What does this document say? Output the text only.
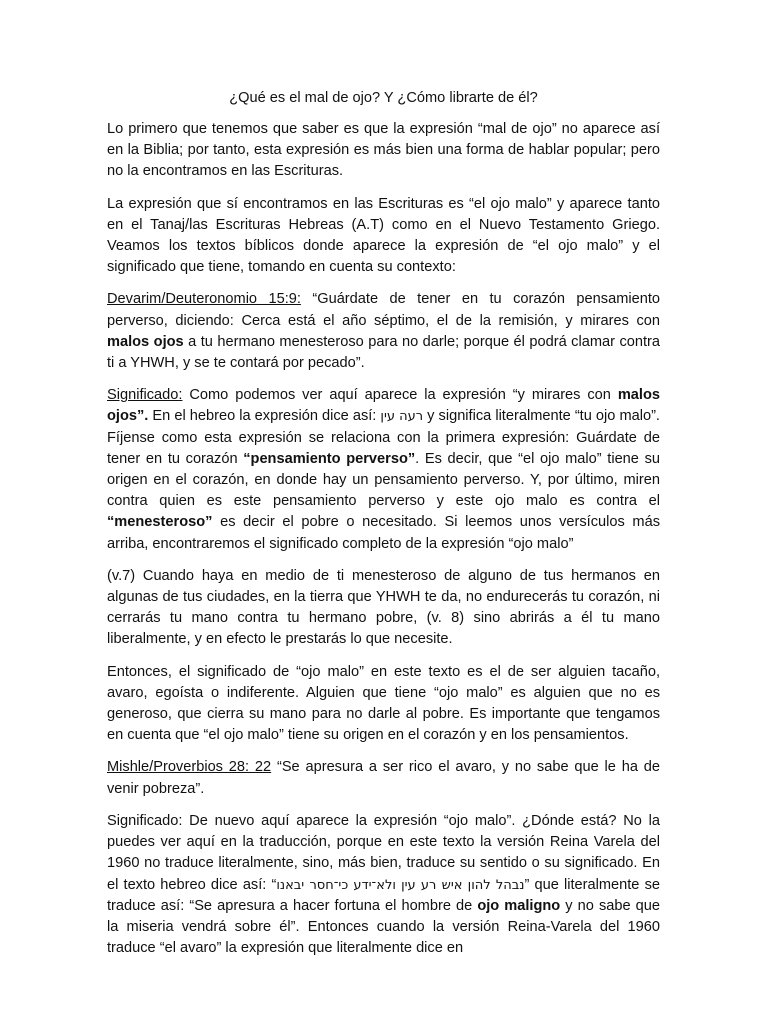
¿Qué es el mal de ojo? Y ¿Cómo librarte de él?

Lo primero que tenemos que saber es que la expresión “mal de ojo” no aparece así en la Biblia; por tanto, esta expresión es más bien una forma de hablar popular; pero no la encontramos en las Escrituras.

La expresión que sí encontramos en las Escrituras es “el ojo malo” y aparece tanto en el Tanaj/las Escrituras Hebreas (A.T) como en el Nuevo Testamento Griego. Veamos los textos bíblicos donde aparece la expresión de “el ojo malo” y el significado que tiene, tomando en cuenta su contexto:

Devarim/Deuteronomio 15:9: “Guárdate de tener en tu corazón pensamiento perverso, diciendo: Cerca está el año séptimo, el de la remisión, y mirares con malos ojos a tu hermano menesteroso para no darle; porque él podrá clamar contra ti a YHWH, y se te contará por pecado”.

Significado: Como podemos ver aquí aparece la expresión “y mirares con malos ojos”. En el hebreo la expresión dice así: רעה עין y significa literalmente “tu ojo malo”. Fíjense como esta expresión se relaciona con la primera expresión: Guárdate de tener en tu corazón “pensamiento perverso”. Es decir, que “el ojo malo” tiene su origen en el corazón, en donde hay un pensamiento perverso. Y, por último, miren contra quien es este pensamiento perverso y este ojo malo es contra el “menesteroso” es decir el pobre o necesitado. Si leemos unos versículos más arriba, encontraremos el significado completo de la expresión “ojo malo”

(v.7) Cuando haya en medio de ti menesteroso de alguno de tus hermanos en algunas de tus ciudades, en la tierra que YHWH te da, no endurecerás tu corazón, ni cerrarás tu mano contra tu hermano pobre, (v. 8) sino abrirás a él tu mano liberalmente, y en efecto le prestarás lo que necesite.

Entonces, el significado de “ojo malo” en este texto es el de ser alguien tacaño, avaro, egoísta o indiferente. Alguien que tiene “ojo malo” es alguien que no es generoso, que cierra su mano para no darle al pobre. Es importante que tengamos en cuenta que “el ojo malo” tiene su origen en el corazón y en los pensamientos.

Mishle/Proverbios 28: 22 “Se apresura a ser rico el avaro, y no sabe que le ha de venir pobreza”.

Significado: De nuevo aquí aparece la expresión “ojo malo”. ¿Dónde está? No la puedes ver aquí en la traducción, porque en este texto la versión Reina Varela del 1960 no traduce literalmente, sino, más bien, traduce su sentido o su significado. En el texto hebreo dice así: “נבהל להון איש רע עין ולא־ידע כי־חסר יבאנו” que literalmente se traduce así: “Se apresura a hacer fortuna el hombre de ojo maligno y no sabe que la miseria vendrá sobre él”. Entonces cuando la versión Reina-Varela del 1960 traduce “el avaro” la expresión que literalmente dice en
